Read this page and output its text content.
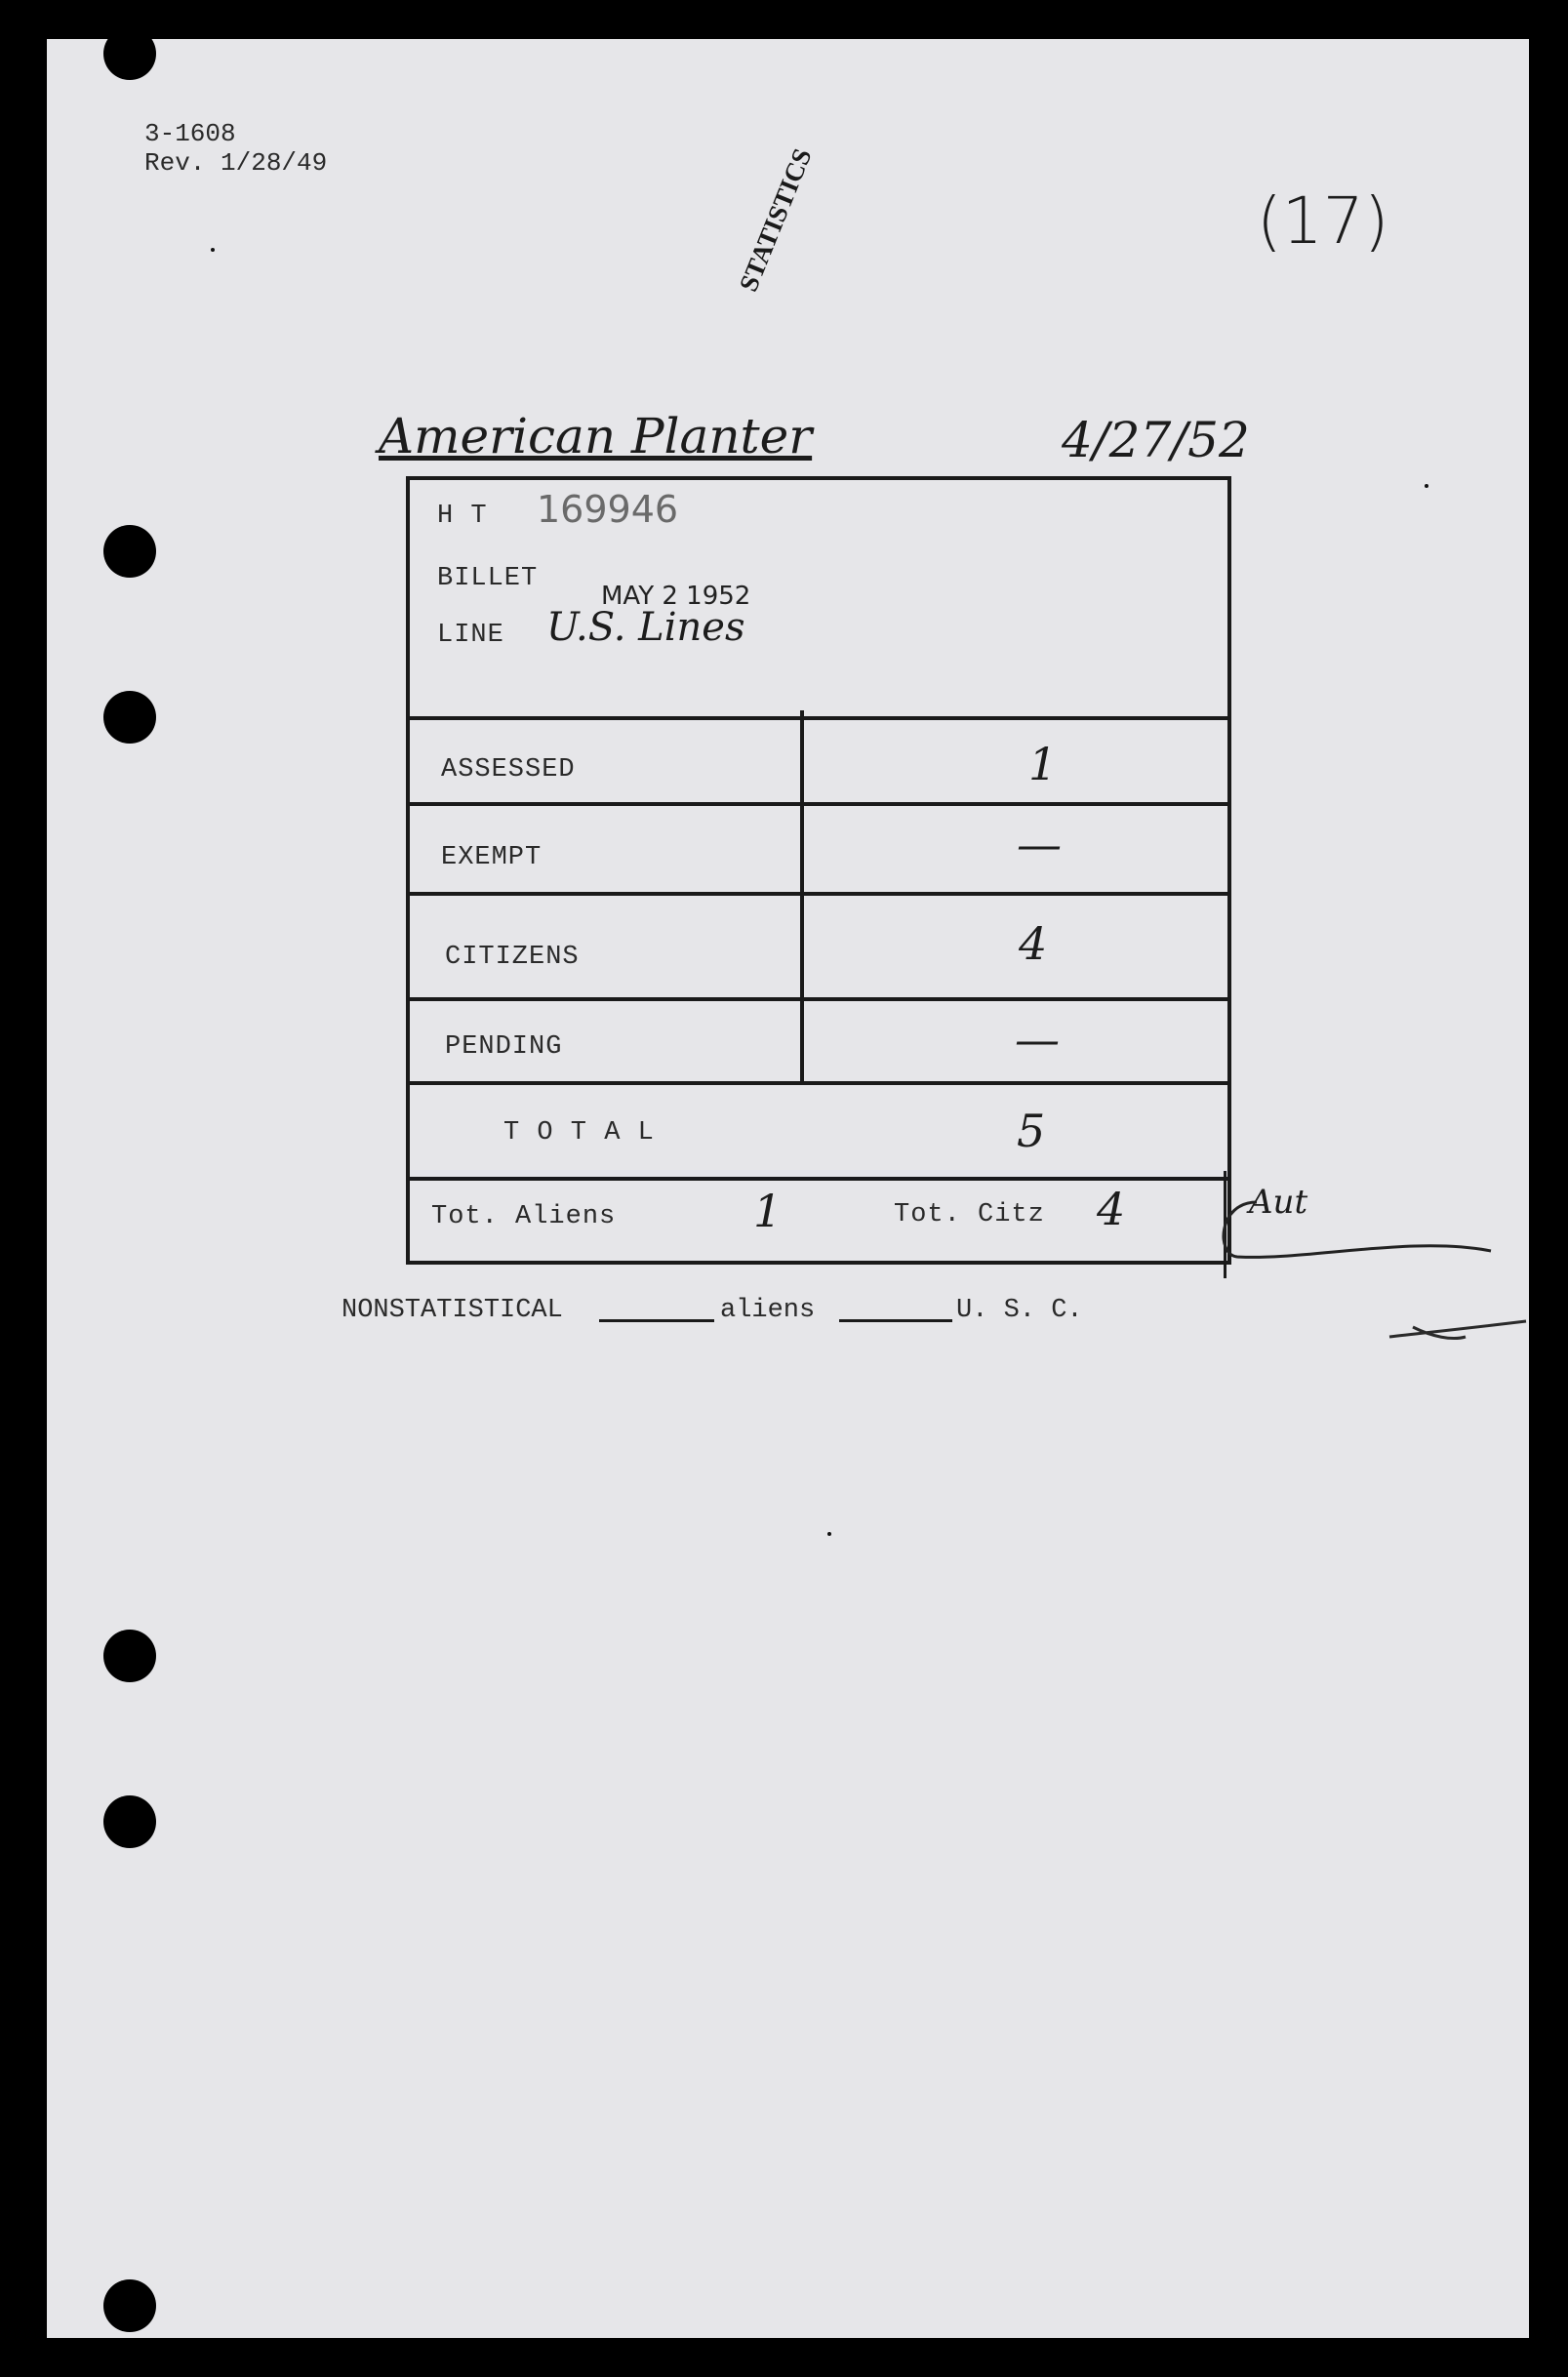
3-1608
Rev. 1/28/49	STATISTICS	(17)
American Planter	4/27/52
H T 169946
BILLET
MAY 2 1952
LINE U.S. Lines
ASSESSED	1
EXEMPT	—
CITIZENS	4
PENDING	—
T O T A L	5
Tot. Aliens	1	Tot. Citz 4	Aut
NONSTATISTICAL	aliens	U. S. C.
